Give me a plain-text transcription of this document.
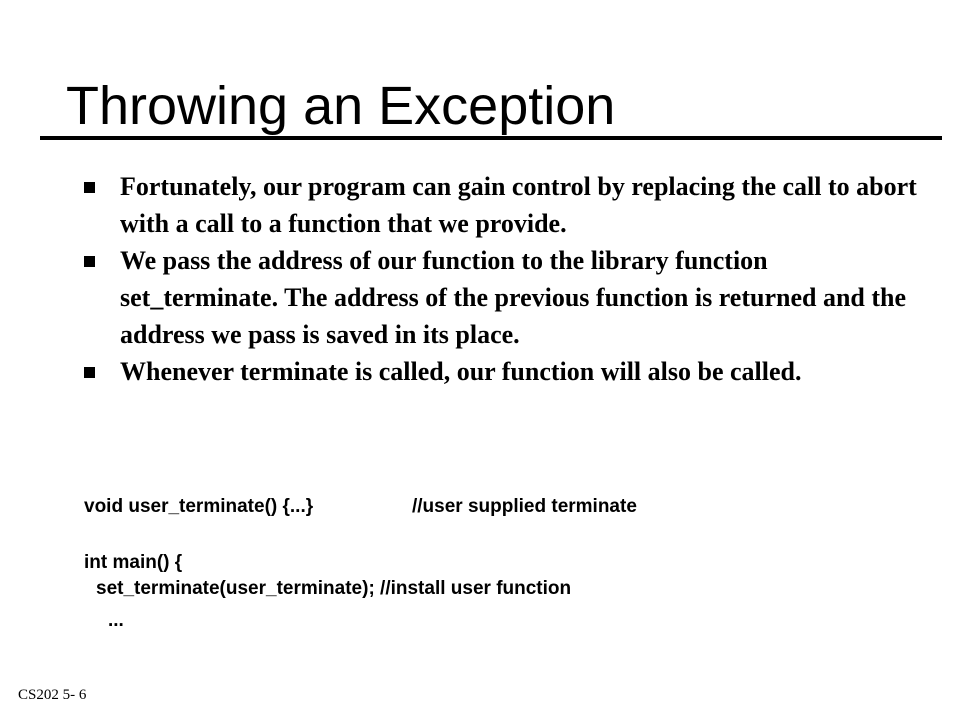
Throwing an Exception
Fortunately, our program can gain control by replacing the call to abort with a call to a function that we provide.
We pass the address of our function to the library function set_terminate. The address of the previous function is returned and the address we pass is saved in its place.
Whenever terminate is called, our function will also be called.
void user_terminate() {...}	//user supplied terminate
int main() {
set_terminate(user_terminate); //install user function
...
CS202 5- 6
